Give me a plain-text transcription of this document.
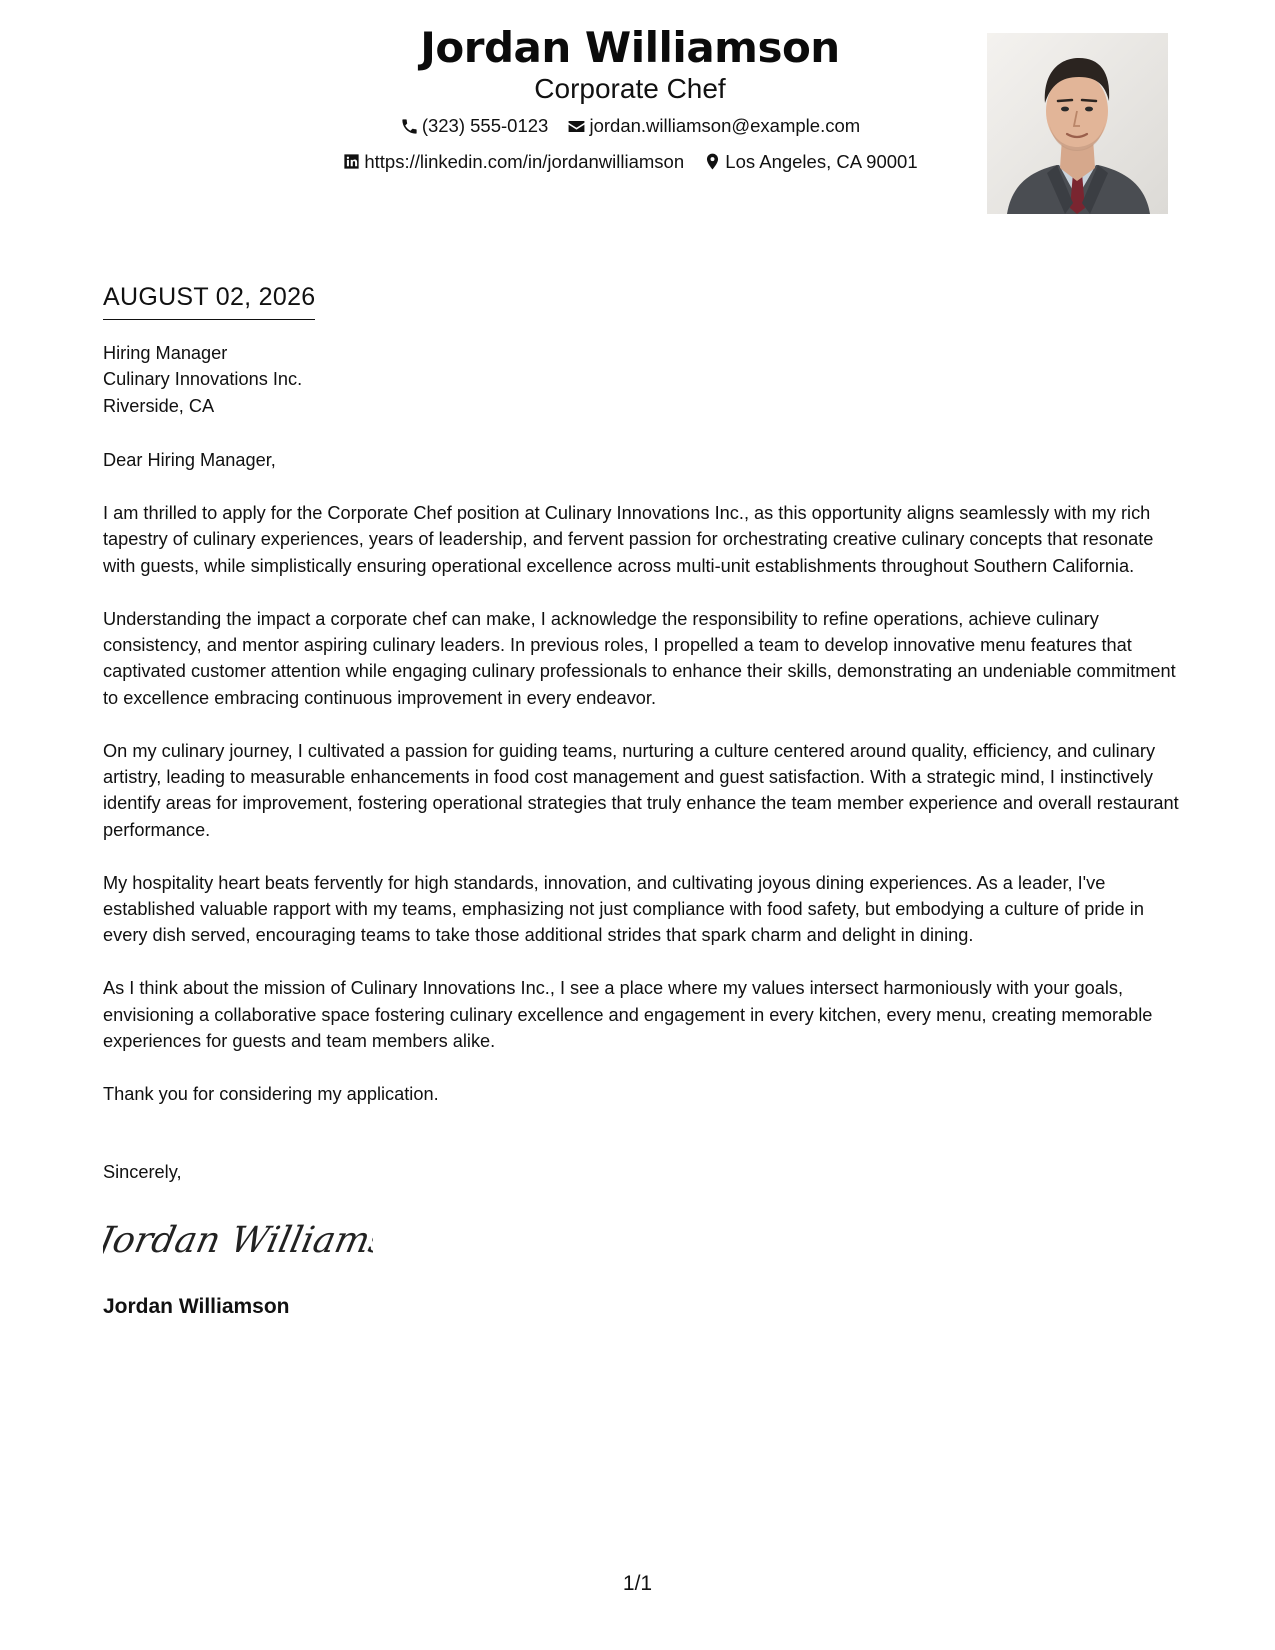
Jordan Williamson
Corporate Chef
(323) 555-0123
jordan.williamson@example.com
https://linkedin.com/in/jordanwilliamson
Los Angeles, CA 90001
AUGUST 02, 2026
Hiring Manager
Culinary Innovations Inc.
Riverside, CA
Dear Hiring Manager,

I am thrilled to apply for the Corporate Chef position at Culinary Innovations Inc., as this opportunity aligns seamlessly with my rich tapestry of culinary experiences, years of leadership, and fervent passion for orchestrating creative culinary concepts that resonate with guests, while simplistically ensuring operational excellence across multi-unit establishments throughout Southern California.

Understanding the impact a corporate chef can make, I acknowledge the responsibility to refine operations, achieve culinary consistency, and mentor aspiring culinary leaders. In previous roles, I propelled a team to develop innovative menu features that captivated customer attention while engaging culinary professionals to enhance their skills, demonstrating an undeniable commitment to excellence embracing continuous improvement in every endeavor.

On my culinary journey, I cultivated a passion for guiding teams, nurturing a culture centered around quality, efficiency, and culinary artistry, leading to measurable enhancements in food cost management and guest satisfaction. With a strategic mind, I instinctively identify areas for improvement, fostering operational strategies that truly enhance the team member experience and overall restaurant performance.

My hospitality heart beats fervently for high standards, innovation, and cultivating joyous dining experiences. As a leader, I've established valuable rapport with my teams, emphasizing not just compliance with food safety, but embodying a culture of pride in every dish served, encouraging teams to take those additional strides that spark charm and delight in dining.

As I think about the mission of Culinary Innovations Inc., I see a place where my values intersect harmoniously with your goals, envisioning a collaborative space fostering culinary excellence and engagement in every kitchen, every menu, creating memorable experiences for guests and team members alike.

Thank you for considering my application.

Sincerely,
Jordan Williams
Jordan Williamson
1/1
